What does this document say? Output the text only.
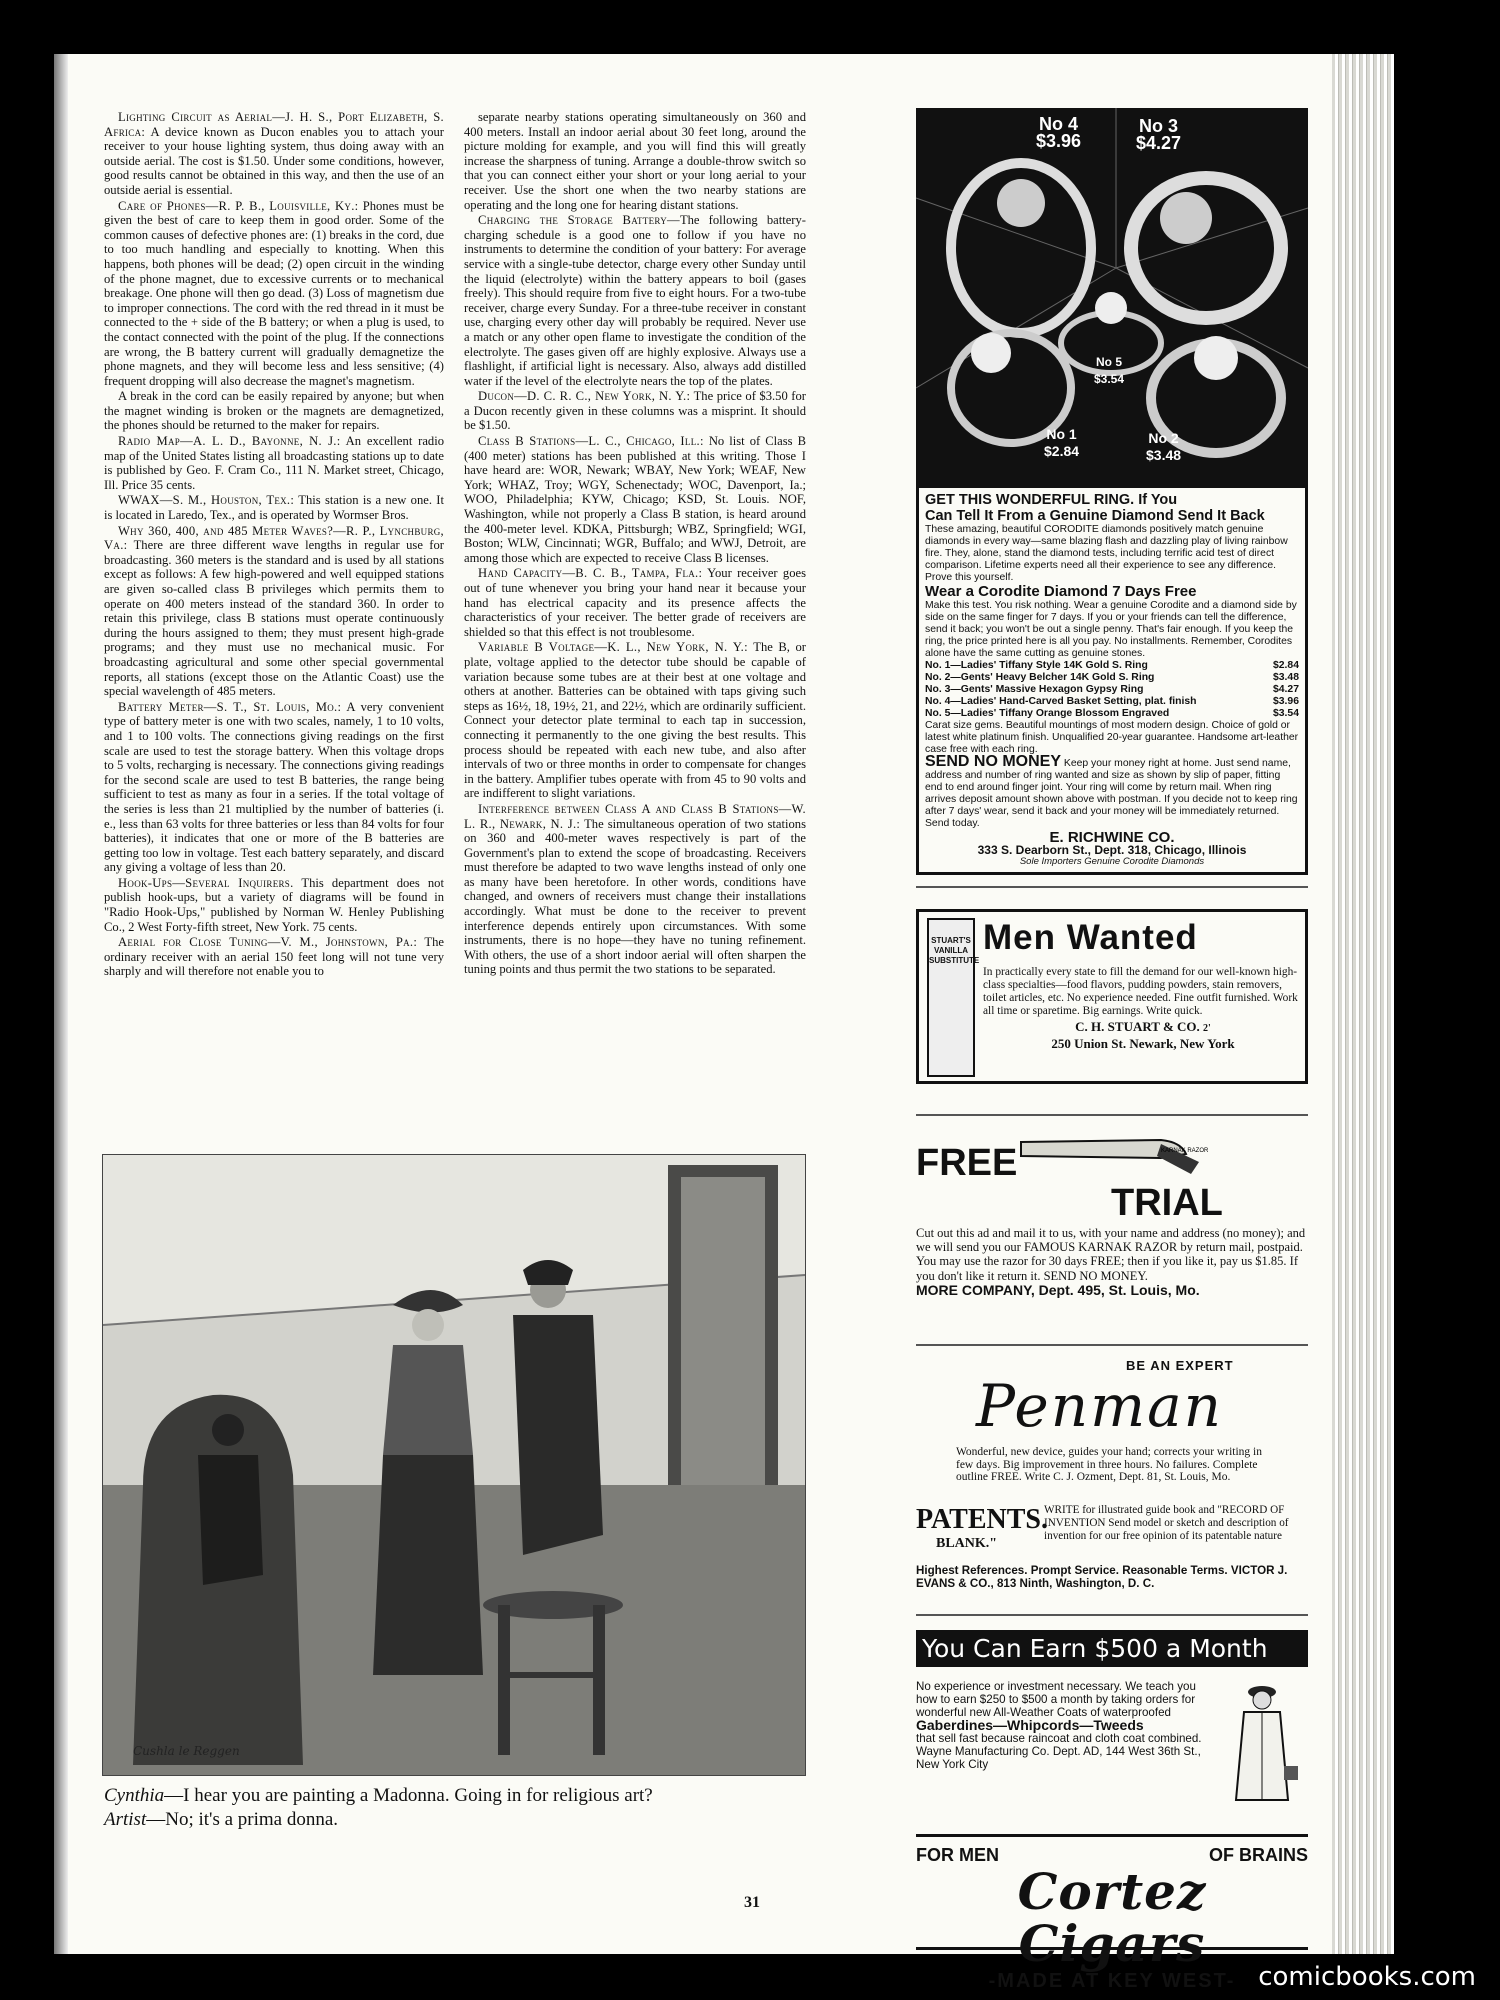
Lighting Circuit as Aerial—J. H. S., Port Elizabeth, S. Africa: A device known as Ducon enables you to attach your receiver to your house lighting system, thus doing away with an outside aerial. The cost is $1.50. Under some conditions, however, good results cannot be obtained in this way, and then the use of an outside aerial is essential.

Care of Phones—R. P. B., Louisville, Ky.: Phones must be given the best of care to keep them in good order. Some of the common causes of defective phones are: (1) breaks in the cord, due to too much handling and especially to knotting. When this happens, both phones will be dead; (2) open circuit in the winding of the phone magnet, due to excessive currents or to mechanical breakage. One phone will then go dead. (3) Loss of magnetism due to improper connections. The cord with the red thread in it must be connected to the + side of the B battery; or when a plug is used, to the contact connected with the point of the plug. If the connections are wrong, the B battery current will gradually demagnetize the phone magnets, and they will become less and less sensitive; (4) frequent dropping will also decrease the magnet's magnetism.

A break in the cord can be easily repaired by anyone; but when the magnet winding is broken or the magnets are demagnetized, the phones should be returned to the maker for repairs.

Radio Map—A. L. D., Bayonne, N. J.: An excellent radio map of the United States listing all broadcasting stations up to date is published by Geo. F. Cram Co., 111 N. Market street, Chicago, Ill. Price 35 cents.

WWAX—S. M., Houston, Tex.: This station is a new one. It is located in Laredo, Tex., and is operated by Wormser Bros.

Why 360, 400, and 485 Meter Waves?—R. P., Lynchburg, Va.: There are three different wave lengths in regular use for broadcasting. 360 meters is the standard and is used by all stations except as follows: A few high-powered and well equipped stations are given so-called class B privileges which permits them to operate on 400 meters instead of the standard 360. In order to retain this privilege, class B stations must operate continuously during the hours assigned to them; they must present high-grade programs; and they must use no mechanical music. For broadcasting agricultural and some other special governmental reports, all stations (except those on the Atlantic Coast) use the special wavelength of 485 meters.

Battery Meter—S. T., St. Louis, Mo.: A very convenient type of battery meter is one with two scales, namely, 1 to 10 volts, and 1 to 100 volts. The connections giving readings on the first scale are used to test the storage battery. When this voltage drops to 5 volts, recharging is necessary. The connections giving readings for the second scale are used to test B batteries, the range being sufficient to test as many as four in a series. If the total voltage of the series is less than 21 multiplied by the number of batteries (i. e., less than 63 volts for three batteries or less than 84 volts for four batteries), it indicates that one or more of the B batteries are getting too low in voltage. Test each battery separately, and discard any giving a voltage of less than 20.

Hook-Ups—Several Inquirers. This department does not publish hook-ups, but a variety of diagrams will be found in "Radio Hook-Ups," published by Norman W. Henley Publishing Co., 2 West Forty-fifth street, New York. 75 cents.

Aerial for Close Tuning—V. M., Johnstown, Pa.: The ordinary receiver with an aerial 150 feet long will not tune very sharply and will therefore not enable you to

separate nearby stations operating simultaneously on 360 and 400 meters. Install an indoor aerial about 30 feet long, around the picture molding for example, and you will find this will greatly increase the sharpness of tuning. Arrange a double-throw switch so that you can connect either your short or your long aerial to your receiver. Use the short one when the two nearby stations are operating and the long one for hearing distant stations.

Charging the Storage Battery—The following battery-charging schedule is a good one to follow if you have no instruments to determine the condition of your battery: For average service with a single-tube detector, charge every other Sunday until the liquid (electrolyte) within the battery appears to boil (gases freely). This should require from five to eight hours. For a two-tube receiver, charge every Sunday. For a three-tube receiver in constant use, charging every other day will probably be required. Never use a match or any other open flame to investigate the condition of the electrolyte. The gases given off are highly explosive. Always use a flashlight, if artificial light is necessary. Also, always add distilled water if the level of the electrolyte nears the top of the plates.

Ducon—D. C. R. C., New York, N. Y.: The price of $3.50 for a Ducon recently given in these columns was a misprint. It should be $1.50.

Class B Stations—L. C., Chicago, Ill.: No list of Class B (400 meter) stations has been published at this writing. Those I have heard are: WOR, Newark; WBAY, New York; WEAF, New York; WHAZ, Troy; WGY, Schenectady; WOC, Davenport, Ia.; WOO, Philadelphia; KYW, Chicago; KSD, St. Louis. NOF, Washington, while not properly a Class B station, is heard around the 400-meter level. KDKA, Pittsburgh; WBZ, Springfield; WGI, Boston; WLW, Cincinnati; WGR, Buffalo; and WWJ, Detroit, are among those which are expected to receive Class B licenses.

Hand Capacity—B. C. B., Tampa, Fla.: Your receiver goes out of tune whenever you bring your hand near it because your hand has electrical capacity and its presence affects the characteristics of your receiver. The better grade of receivers are shielded so that this effect is not troublesome.

Variable B Voltage—K. L., New York, N. Y.: The B, or plate, voltage applied to the detector tube should be capable of variation because some tubes are at their best at one voltage and others at another. Batteries can be obtained with taps giving such steps as 16½, 18, 19½, 21, and 22½, which are ordinarily sufficient. Connect your detector plate terminal to each tap in succession, connecting it permanently to the one giving the best results. This process should be repeated with each new tube, and also after intervals of two or three months in order to compensate for changes in the battery. Amplifier tubes operate with from 45 to 90 volts and are indifferent to slight variations.

Interference between Class A and Class B Stations—W. L. R., Newark, N. J.: The simultaneous operation of two stations on 360 and 400-meter waves respectively is part of the Government's plan to extend the scope of broadcasting. Receivers must therefore be adapted to two wave lengths instead of only one as many have been heretofore. In other words, conditions have changed, and owners of receivers must change their installations accordingly. What must be done to the receiver to prevent interference depends entirely upon circumstances. With some instruments, there is no hope—they have no tuning refinement. With others, the use of a short indoor aerial will often sharpen the tuning points and thus permit the two stations to be separated.

Cushla le Reggen
Cynthia—I hear you are painting a Madonna. Going in for religious art?
Artist—No; it's a prima donna.
31
No 4
$3.96
No 3
$4.27
No 5
$3.54
No 1
$2.84
No 2
$3.48
GET THIS WONDERFUL RING. If You
Can Tell It From a Genuine Diamond Send It Back
These amazing, beautiful CORODITE diamonds positively match genuine diamonds in every way—same blazing flash and dazzling play of living rainbow fire. They, alone, stand the diamond tests, including terrific acid test of direct comparison. Lifetime experts need all their experience to see any difference. Prove this yourself.
Wear a Corodite Diamond 7 Days Free
Make this test. You risk nothing. Wear a genuine Corodite and a diamond side by side on the same finger for 7 days. If you or your friends can tell the difference, send it back; you won't be out a single penny. That's fair enough. If you keep the ring, the price printed here is all you pay. No installments. Remember, Corodites alone have the same cutting as genuine stones.
No. 1—Ladies' Tiffany Style 14K Gold S. Ring	$2.84
No. 2—Gents' Heavy Belcher 14K Gold S. Ring	$3.48
No. 3—Gents' Massive Hexagon Gypsy Ring	$4.27
No. 4—Ladies' Hand-Carved Basket Setting, plat. finish	$3.96
No. 5—Ladies' Tiffany Orange Blossom Engraved	$3.54
Carat size gems. Beautiful mountings of most modern design. Choice of gold or latest white platinum finish. Unqualified 20-year guarantee. Handsome art-leather case free with each ring.
SEND NO MONEY Keep your money right at home. Just send name, address and number of ring wanted and size as shown by slip of paper, fitting end to end around finger joint. Your ring will come by return mail. When ring arrives deposit amount shown above with postman. If you decide not to keep ring after 7 days' wear, send it back and your money will be immediately returned. Send today.
E. RICHWINE CO.
333 S. Dearborn St., Dept. 318, Chicago, Illinois
Sole Importers Genuine Corodite Diamonds
STUART'S VANILLA SUBSTITUTE
Men Wanted
In practically every state to fill the demand for our well-known high-class specialties—food flavors, pudding powders, stain removers, toilet articles, etc. No experience needed. Fine outfit furnished. Work all time or sparetime. Big earnings. Write quick.
C. H. STUART & CO. 2'
250 Union St. Newark, New York
FREE	KARNAK RAZOR
TRIAL
Cut out this ad and mail it to us, with your name and address (no money); and we will send you our FAMOUS KARNAK RAZOR by return mail, postpaid. You may use the razor for 30 days FREE; then if you like it, pay us $1.85. If you don't like it return it. SEND NO MONEY.
MORE COMPANY, Dept. 495, St. Louis, Mo.
BE AN EXPERT
Penman
Wonderful, new device, guides your hand; corrects your writing in few days. Big improvement in three hours. No failures. Complete outline FREE. Write C. J. Ozment, Dept. 81, St. Louis, Mo.
PATENTS.
BLANK."
WRITE for illustrated guide book and "RECORD OF INVENTION Send model or sketch and description of invention for our free opinion of its patentable nature
Highest References. Prompt Service. Reasonable Terms. VICTOR J. EVANS & CO., 813 Ninth, Washington, D. C.
You Can Earn $500 a Month
No experience or investment necessary. We teach you how to earn $250 to $500 a month by taking orders for wonderful new All-Weather Coats of waterproofed
Gaberdines—Whipcords—Tweeds
that sell fast because raincoat and cloth coat combined. Wayne Manufacturing Co. Dept. AD, 144 West 36th St., New York City
FOR MEN	OF BRAINS
Cortez Cigars
-MADE AT KEY WEST- comicbooks.com
